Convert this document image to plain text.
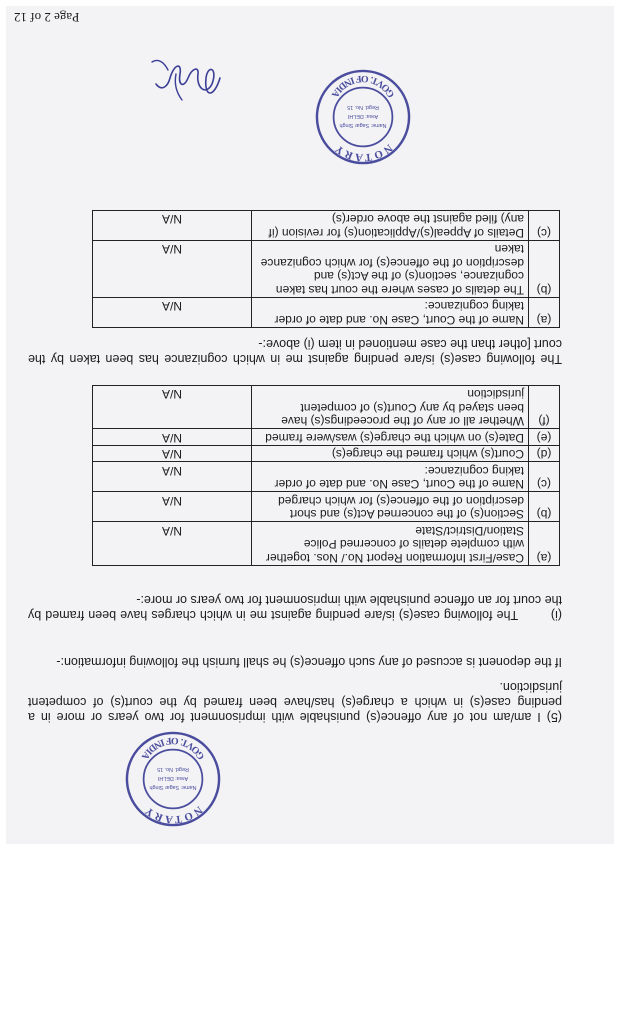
NOTARY
GOVT. OF INDIA
Name: Sagar Singh
Area: DELHI
Regd. No. 15
(5) I am/am not of any offence(s) punishable with imprisonment for two years or more in a pending case(s) in which a charge(s) has/have been framed by the court(s) of competent jurisdiction.
If the deponent is accused of any such offence(s) he shall furnish the following information:-
(i) The following case(s) is/are pending against me in which charges have been framed by the court for an offence punishable with imprisonment for two years or more:-
(a)	Case/First Information Report No./ Nos. together with complete details of concerned Police Station/District/State	N/A
(b)	Section(s) of the concerned Act(s) and short description of the offence(s) for which charged	N/A
(c)	Name of the Court, Case No. and date of order taking cognizance:	N/A
(d)	Court(s) which framed the charge(s)	N/A
(e)	Date(s) on which the charge(s) was/were framed	N/A
(f)	Whether all or any of the proceedings(s) have been stayed by any Court(s) of competent jurisdiction	N/A
The following case(s) is/are pending against me in which cognizance has been taken by the court [other than the case mentioned in item (i) above:-
(a)	Name of the Court, Case No. and date of order taking cognizance:	N/A
(b)	The details of cases where the court has taken cognizance, section(s) of the Act(s) and description of the offence(s) for which cognizance taken	N/A
(c)	Details of Appeal(s)/Application(s) for revision (if any) filed against the above order(s)	N/A
NOTARY
GOVT. OF INDIA
Name: Sagar Singh
Area: DELHI
Regd. No. 15
Page 2 of 12
